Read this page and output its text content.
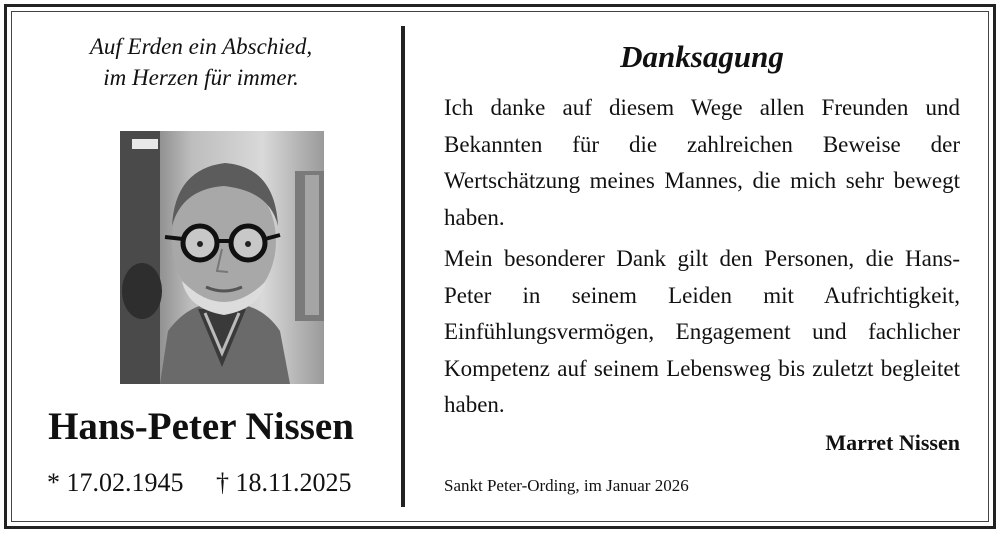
Auf Erden ein Abschied,
im Herzen für immer.
Hans-Peter Nissen
* 17.02.1945 † 18.11.2025
Danksagung
Ich danke auf diesem Wege allen Freunden und Bekannten für die zahlreichen Beweise der Wertschätzung meines Mannes, die mich sehr bewegt haben.
Mein besonderer Dank gilt den Personen, die Hans-Peter in seinem Leiden mit Aufrichtigkeit, Einfühlungsvermögen, Engagement und fachlicher Kompetenz auf seinem Lebensweg bis zuletzt begleitet haben.
Marret Nissen
Sankt Peter-Ording, im Januar 2026
